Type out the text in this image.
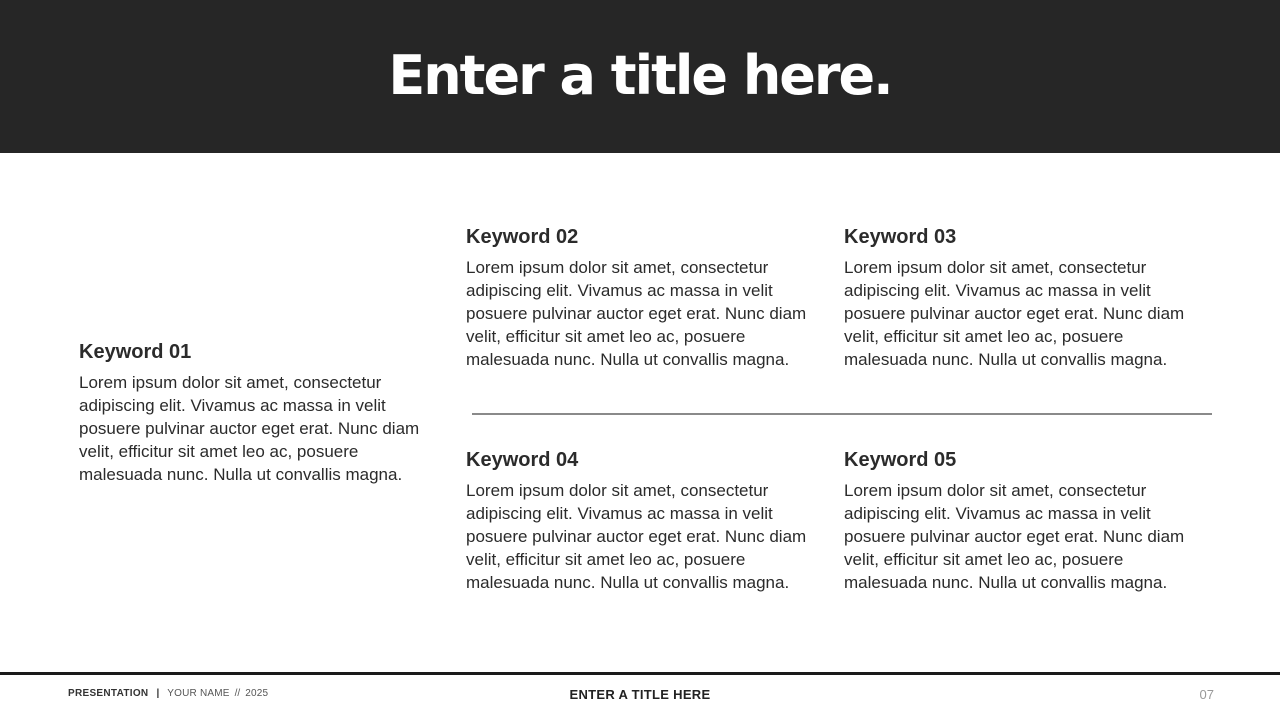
Enter a title here.
Keyword 01

Lorem ipsum dolor sit amet, consectetur adipiscing elit. Vivamus ac massa in velit posuere pulvinar auctor eget erat. Nunc diam velit, efficitur sit amet leo ac, posuere malesuada nunc. Nulla ut convallis magna.

Keyword 02

Lorem ipsum dolor sit amet, consectetur adipiscing elit. Vivamus ac massa in velit posuere pulvinar auctor eget erat. Nunc diam velit, efficitur sit amet leo ac, posuere malesuada nunc. Nulla ut convallis magna.

Keyword 03

Lorem ipsum dolor sit amet, consectetur adipiscing elit. Vivamus ac massa in velit posuere pulvinar auctor eget erat. Nunc diam velit, efficitur sit amet leo ac, posuere malesuada nunc. Nulla ut convallis magna.

Keyword 04

Lorem ipsum dolor sit amet, consectetur adipiscing elit. Vivamus ac massa in velit posuere pulvinar auctor eget erat. Nunc diam velit, efficitur sit amet leo ac, posuere malesuada nunc. Nulla ut convallis magna.

Keyword 05

Lorem ipsum dolor sit amet, consectetur adipiscing elit. Vivamus ac massa in velit posuere pulvinar auctor eget erat. Nunc diam velit, efficitur sit amet leo ac, posuere malesuada nunc. Nulla ut convallis magna.

PRESENTATION | YOUR NAME // 2025	ENTER A TITLE HERE	07
